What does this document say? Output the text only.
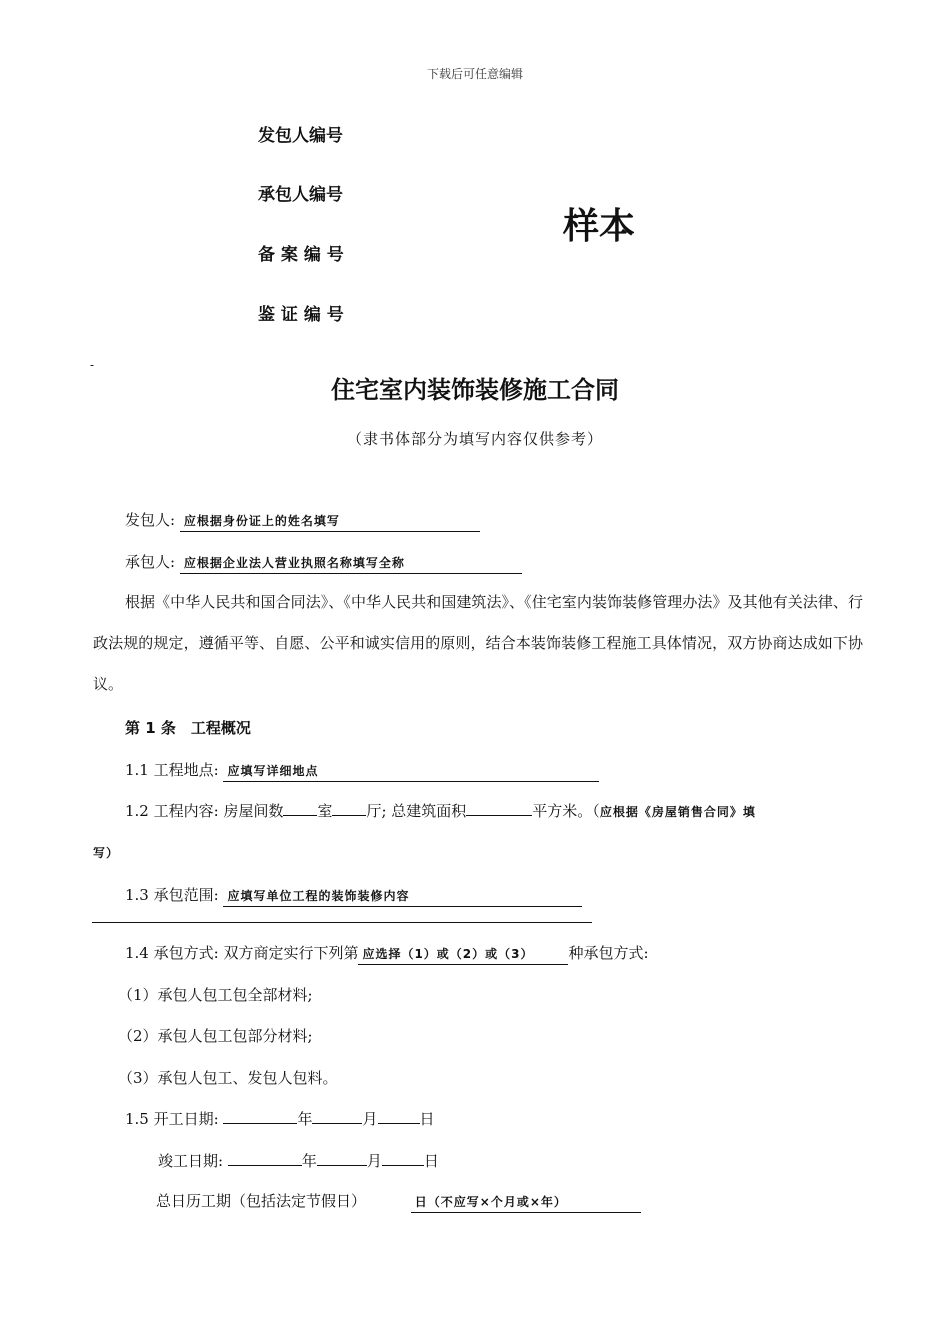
下载后可任意编辑
发包人编号
承包人编号
备 案 编 号
鉴 证 编 号
样本
-
住宅室内装饰装修施工合同
（隶书体部分为填写内容仅供参考）
发包人: 应根据身份证上的姓名填写
承包人: 应根据企业法人营业执照名称填写全称
根据《中华人民共和国合同法》、《中华人民共和国建筑法》、《住宅室内装饰装修管理办法》及其他有关法律、行政法规的规定，遵循平等、自愿、公平和诚实信用的原则，结合本装饰装修工程施工具体情况，双方协商达成如下协议。
第 1 条　工程概况
1.1 工程地点: 应填写详细地点
1.2 工程内容: 房屋间数 室 厅; 总建筑面积	平方米。（应根据《房屋销售合同》填
写）
1.3 承包范围: 应填写单位工程的装饰装修内容
1.4 承包方式: 双方商定实行下列第 应选择（1）或（2）或（3） 种承包方式:
（1）承包人包工包全部材料;
（2）承包人包工包部分材料;
（3）承包人包工、发包人包料。
1.5 开工日期:	年	月	日
竣工日期:	年	月	日
总日历工期（包括法定节假日）	日（不应写×个月或×年）
